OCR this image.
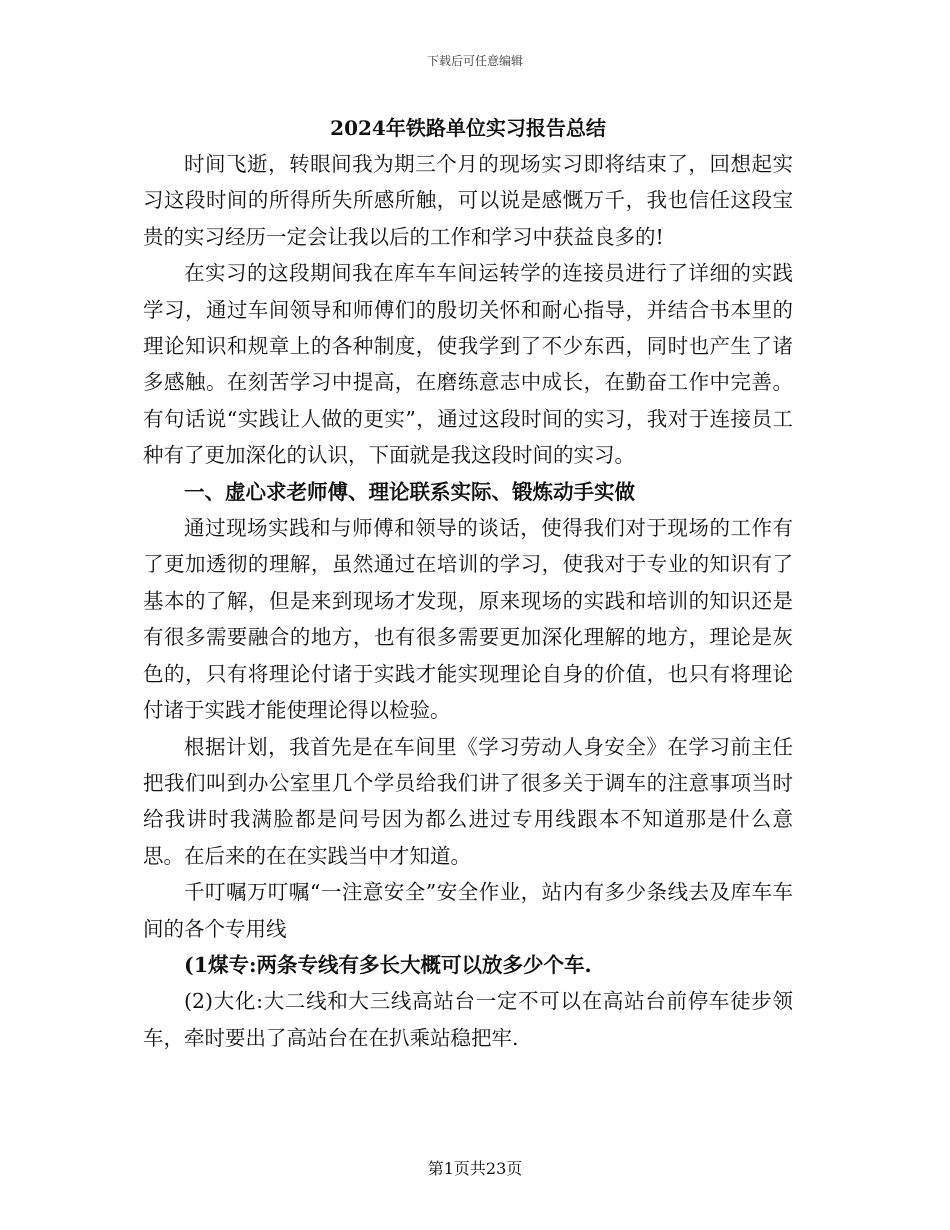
下载后可任意编辑

2024年铁路单位实习报告总结

时间飞逝，转眼间我为期三个月的现场实习即将结束了，回想起实习这段时间的所得所失所感所触，可以说是感慨万千，我也信任这段宝贵的实习经历一定会让我以后的工作和学习中获益良多的!

在实习的这段期间我在库车车间运转学的连接员进行了详细的实践学习，通过车间领导和师傅们的殷切关怀和耐心指导，并结合书本里的理论知识和规章上的各种制度，使我学到了不少东西，同时也产生了诸多感触。在刻苦学习中提高，在磨练意志中成长，在勤奋工作中完善。有句话说“实践让人做的更实”，通过这段时间的实习，我对于连接员工种有了更加深化的认识，下面就是我这段时间的实习。

一、虚心求老师傅、理论联系实际、锻炼动手实做

通过现场实践和与师傅和领导的谈话，使得我们对于现场的工作有了更加透彻的理解，虽然通过在培训的学习，使我对于专业的知识有了基本的了解，但是来到现场才发现，原来现场的实践和培训的知识还是有很多需要融合的地方，也有很多需要更加深化理解的地方，理论是灰色的，只有将理论付诸于实践才能实现理论自身的价值，也只有将理论付诸于实践才能使理论得以检验。

根据计划，我首先是在车间里《学习劳动人身安全》在学习前主任把我们叫到办公室里几个学员给我们讲了很多关于调车的注意事项当时给我讲时我满脸都是问号因为都么进过专用线跟本不知道那是什么意思。在后来的在在实践当中才知道。

千叮嘱万叮嘱“一注意安全”安全作业，站内有多少条线去及库车车间的各个专用线

(1煤专:两条专线有多长大概可以放多少个车.

(2)大化:大二线和大三线高站台一定不可以在高站台前停车徒步领车，牵时要出了高站台在在扒乘站稳把牢.

第1页共23页
